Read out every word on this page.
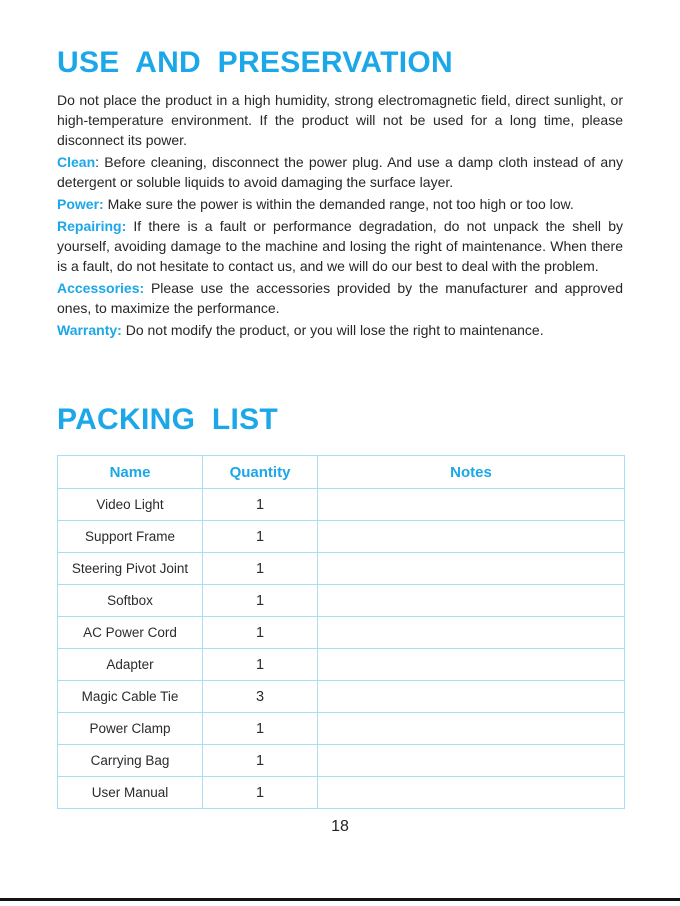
USE AND PRESERVATION

Do not place the product in a high humidity, strong electromagnetic field, direct sunlight, or high-temperature environment. If the product will not be used for a long time, please disconnect its power.

Clean: Before cleaning, disconnect the power plug. And use a damp cloth instead of any detergent or soluble liquids to avoid damaging the surface layer.

Power: Make sure the power is within the demanded range, not too high or too low.

Repairing: If there is a fault or performance degradation, do not unpack the shell by yourself, avoiding damage to the machine and losing the right of maintenance. When there is a fault, do not hesitate to contact us, and we will do our best to deal with the problem.

Accessories: Please use the accessories provided by the manufacturer and approved ones, to maximize the performance.

Warranty: Do not modify the product, or you will lose the right to maintenance.

PACKING LIST
Name	Quantity	Notes
Video Light	1	
Support Frame	1	
Steering Pivot Joint	1	
Softbox	1	
AC Power Cord	1	
Adapter	1	
Magic Cable Tie	3	
Power Clamp	1	
Carrying Bag	1	
User Manual	1	
18
